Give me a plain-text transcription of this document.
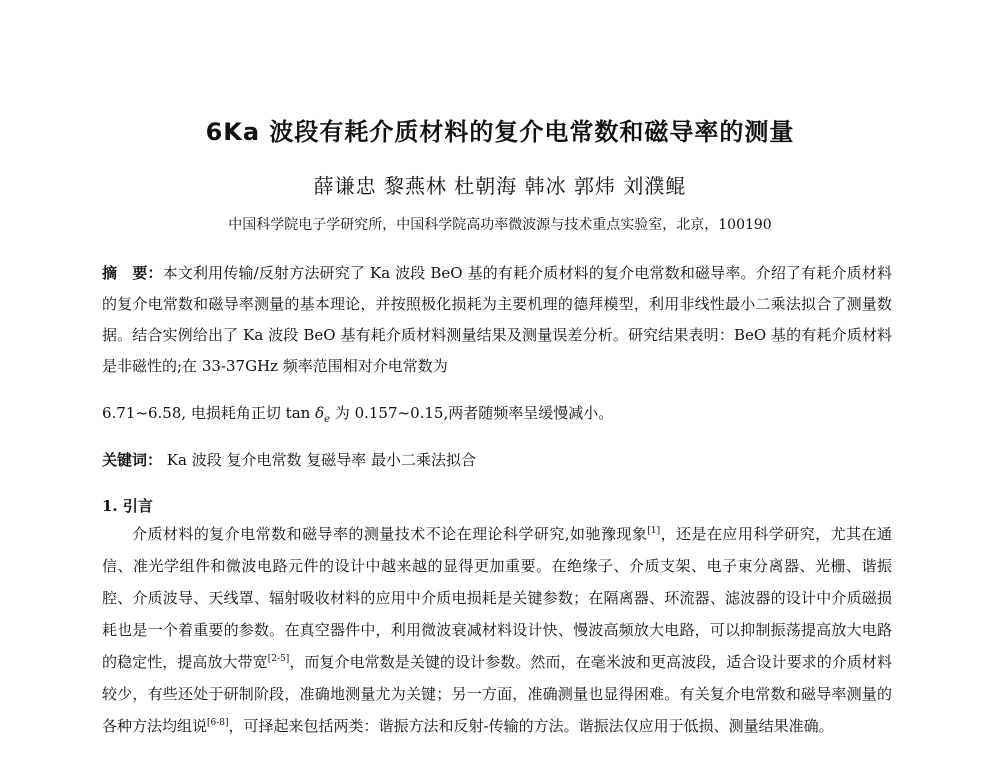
6Ka 波段有耗介质材料的复介电常数和磁导率的测量
薛谦忠 黎燕林 杜朝海 韩冰 郭炜 刘濮鲲
中国科学院电子学研究所，中国科学院高功率微波源与技术重点实验室，北京，100190
摘　要：本文利用传输/反射方法研究了 Ka 波段 BeO 基的有耗介质材料的复介电常数和磁导率。介绍了有耗介质材料的复介电常数和磁导率测量的基本理论，并按照极化损耗为主要机理的德拜模型，利用非线性最小二乘法拟合了测量数据。结合实例给出了 Ka 波段 BeO 基有耗介质材料测量结果及测量误差分析。研究结果表明：BeO 基的有耗介质材料是非磁性的;在 33-37GHz 频率范围相对介电常数为
6.71~6.58, 电损耗角正切 $\tan \delta_e$ 为 0.157~0.15,两者随频率呈缓慢减小。
关键词： Ka 波段 复介电常数 复磁导率 最小二乘法拟合
1. 引言
介质材料的复介电常数和磁导率的测量技术不论在理论科学研究,如驰豫现象[1]，还是在应用科学研究，尤其在通信、准光学组件和微波电路元件的设计中越来越的显得更加重要。在绝缘子、介质支架、电子束分离器、光栅、谐振腔、介质波导、天线罩、辐射吸收材料的应用中介质电损耗是关键参数；在隔离器、环流器、滤波器的设计中介质磁损耗也是一个着重要的参数。在真空器件中，利用微波衰减材料设计快、慢波高频放大电路，可以抑制振荡提高放大电路的稳定性，提高放大带宽[2-5]，而复介电常数是关键的设计参数。然而，在毫米波和更高波段，适合设计要求的介质材料较少，有些还处于研制阶段，准确地测量尤为关键；另一方面，准确测量也显得困难。有关复介电常数和磁导率测量的各种方法均组说[6-8]，可择起来包括两类：谐振方法和反射-传输的方法。谐振法仅应用于低损、测量结果准确。
